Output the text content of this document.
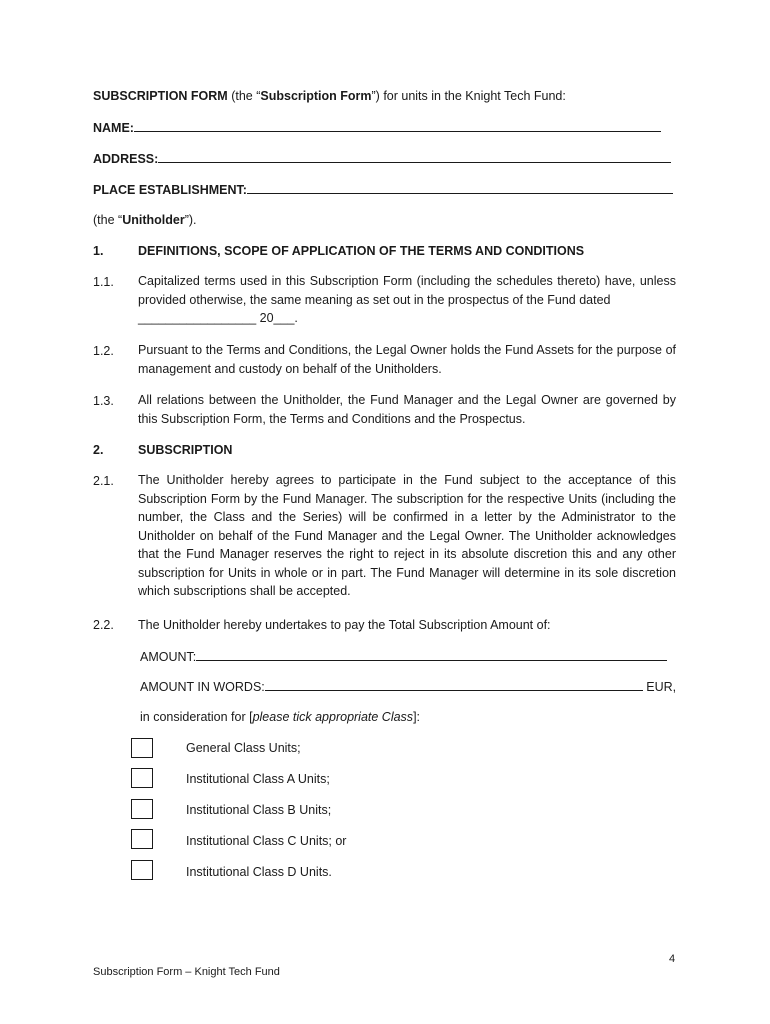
SUBSCRIPTION FORM (the “Subscription Form”) for units in the Knight Tech Fund:
NAME:
ADDRESS:
PLACE ESTABLISHMENT:
(the “Unitholder”).
1.	DEFINITIONS, SCOPE OF APPLICATION OF THE TERMS AND CONDITIONS
1.1. Capitalized terms used in this Subscription Form (including the schedules thereto) have, unless provided otherwise, the same meaning as set out in the prospectus of the Fund dated
_________________ 20___.
1.2. Pursuant to the Terms and Conditions, the Legal Owner holds the Fund Assets for the purpose of management and custody on behalf of the Unitholders.
1.3. All relations between the Unitholder, the Fund Manager and the Legal Owner are governed by this Subscription Form, the Terms and Conditions and the Prospectus.
2.	SUBSCRIPTION
2.1. The Unitholder hereby agrees to participate in the Fund subject to the acceptance of this Subscription Form by the Fund Manager. The subscription for the respective Units (including the number, the Class and the Series) will be confirmed in a letter by the Administrator to the Unitholder on behalf of the Fund Manager and the Legal Owner. The Unitholder acknowledges that the Fund Manager reserves the right to reject in its absolute discretion this and any other subscription for Units in whole or in part. The Fund Manager will determine in its sole discretion which subscriptions shall be accepted.
2.2. The Unitholder hereby undertakes to pay the Total Subscription Amount of:
AMOUNT:
AMOUNT IN WORDS:	EUR,
in consideration for [please tick appropriate Class]:
General Class Units;
Institutional Class A Units;
Institutional Class B Units;
Institutional Class C Units; or
Institutional Class D Units.
4
Subscription Form – Knight Tech Fund
